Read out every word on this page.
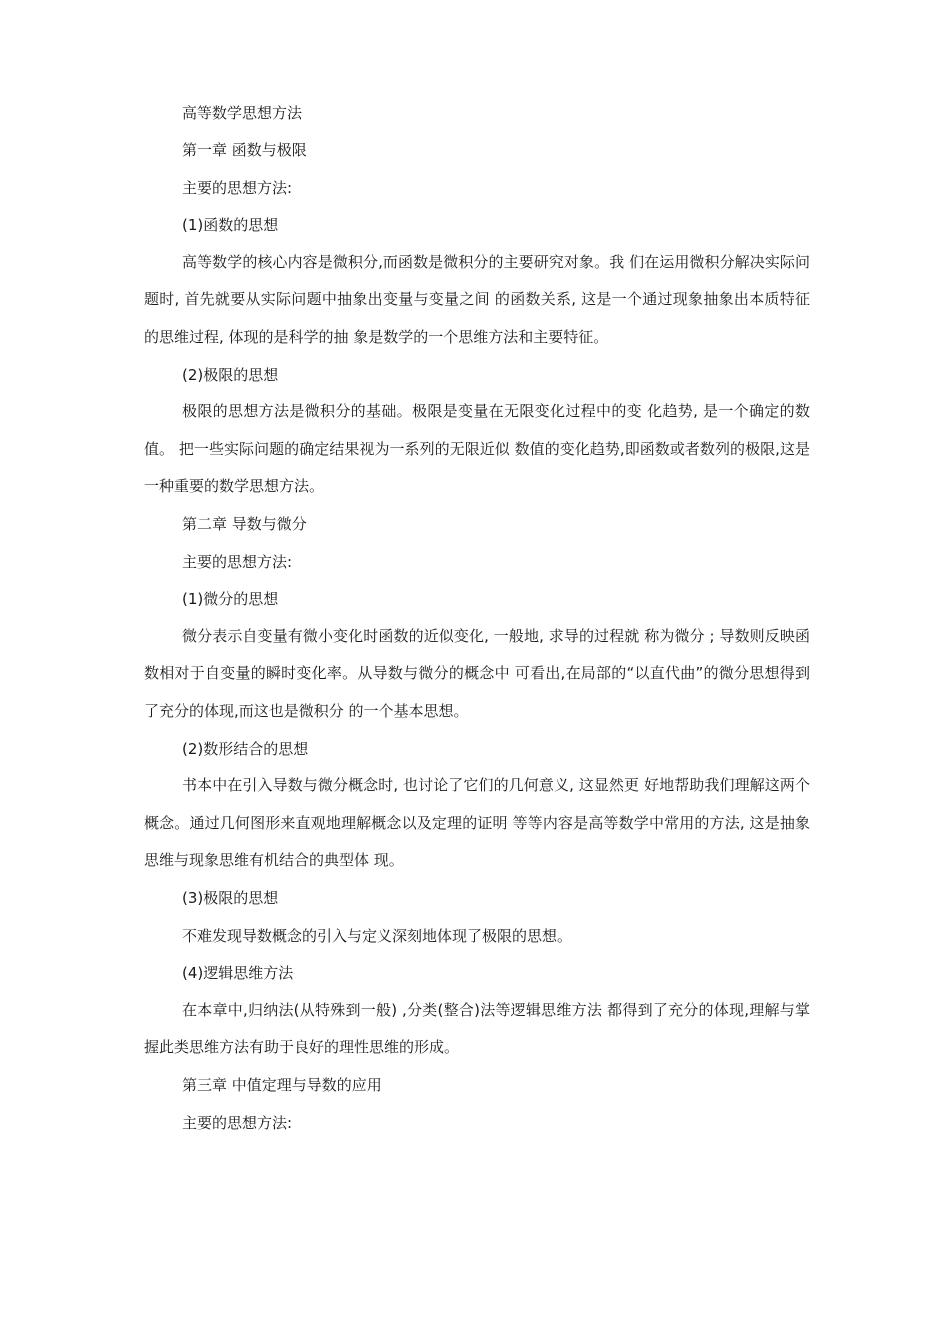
高等数学思想方法
第一章 函数与极限
主要的思想方法:
(1)函数的思想
高等数学的核心内容是微积分,而函数是微积分的主要研究对象。我 们在运用微积分解决实际问题时, 首先就要从实际问题中抽象出变量与变量之间 的函数关系, 这是一个通过现象抽象出本质特征的思维过程, 体现的是科学的抽 象是数学的一个思维方法和主要特征。
(2)极限的思想
极限的思想方法是微积分的基础。极限是变量在无限变化过程中的变 化趋势, 是一个确定的数值。 把一些实际问题的确定结果视为一系列的无限近似 数值的变化趋势,即函数或者数列的极限,这是一种重要的数学思想方法。
第二章 导数与微分
主要的思想方法:
(1)微分的思想
微分表示自变量有微小变化时函数的近似变化, 一般地, 求导的过程就 称为微分 ; 导数则反映函数相对于自变量的瞬时变化率。从导数与微分的概念中 可看出,在局部的“以直代曲”的微分思想得到了充分的体现,而这也是微积分 的一个基本思想。
(2)数形结合的思想
书本中在引入导数与微分概念时, 也讨论了它们的几何意义, 这显然更 好地帮助我们理解这两个概念。通过几何图形来直观地理解概念以及定理的证明 等等内容是高等数学中常用的方法, 这是抽象思维与现象思维有机结合的典型体 现。
(3)极限的思想
不难发现导数概念的引入与定义深刻地体现了极限的思想。
(4)逻辑思维方法
在本章中,归纳法(从特殊到一般) ,分类(整合)法等逻辑思维方法 都得到了充分的体现,理解与掌握此类思维方法有助于良好的理性思维的形成。
第三章 中值定理与导数的应用
主要的思想方法:
